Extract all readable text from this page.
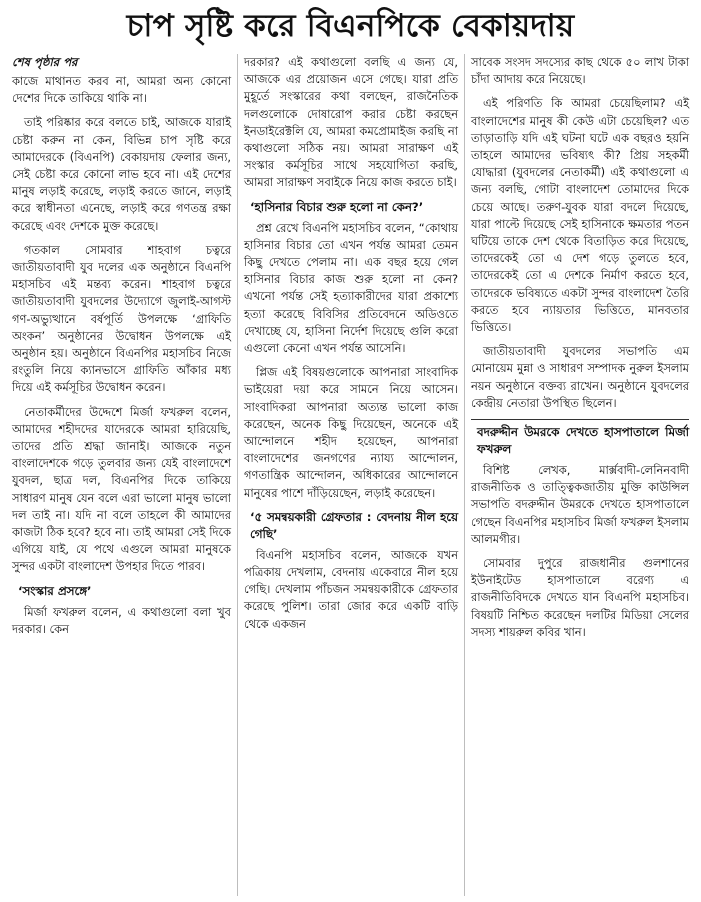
চাপ সৃষ্টি করে বিএনপিকে বেকায়দায়
শেষ পৃষ্ঠার পর

কাজে মাথানত করব না, আমরা অন্য কোনো দেশের দিকে তাকিয়ে থাকি না।

তাই পরিষ্কার করে বলতে চাই, আজকে যারাই চেষ্টা করুন না কেন, বিভিন্ন চাপ সৃষ্টি করে আমাদেরকে (বিএনপি) বেকায়দায় ফেলার জন্য, সেই চেষ্টা করে কোনো লাভ হবে না। এই দেশের মানুষ লড়াই করেছে, লড়াই করতে জানে, লড়াই করে স্বাধীনতা এনেছে, লড়াই করে গণতন্ত্র রক্ষা করেছে এবং দেশকে মুক্ত করেছে।

গতকাল সোমবার শাহবাগ চত্বরে জাতীয়তাবাদী যুব দলের এক অনুষ্ঠানে বিএনপি মহাসচিব এই মন্তব্য করেন। শাহবাগ চত্বরে জাতীয়তাবাদী যুবদলের উদ্যোগে জুলাই-আগস্ট গণ-অভ্যুত্থানে বর্ষপূর্তি উপলক্ষে ‘গ্রাফিতি অংকন’ অনুষ্ঠানের উদ্বোধন উপলক্ষে এই অনুষ্ঠান হয়। অনুষ্ঠানে বিএনপির মহাসচিব নিজে রংতুলি নিয়ে ক্যানভাসে গ্রাফিতি আঁকার মধ্য দিয়ে এই কর্মসূচির উদ্বোধন করেন।

নেতাকর্মীদের উদ্দেশে মির্জা ফখরুল বলেন, আমাদের শহীদদের যাদেরকে আমরা হারিয়েছি, তাদের প্রতি শ্রদ্ধা জানাই। আজকে নতুন বাংলাদেশকে গড়ে তুলবার জন্য যেই বাংলাদেশে যুবদল, ছাত্র দল, বিএনপির দিকে তাকিয়ে সাধারণ মানুষ যেন বলে এরা ভালো মানুষ ভালো দল তাই না। যদি না বলে তাহলে কী আমাদের কাজটা ঠিক হবে? হবে না। তাই আমরা সেই দিকে এগিয়ে যাই, যে পথে এগুলে আমরা মানুষকে সুন্দর একটা বাংলাদেশ উপহার দিতে পারব।

‘সংস্কার প্রসঙ্গে’

মির্জা ফখরুল বলেন, এ কথাগুলো বলা খুব দরকার। কেন

দরকার? এই কথাগুলো বলছি এ জন্য যে, আজকে এর প্রয়োজন এসে গেছে। যারা প্রতি মুহূর্তে সংস্কারের কথা বলছেন, রাজনৈতিক দলগুলোকে দোষারোপ করার চেষ্টা করছেন ইনডাইরেক্টলি যে, আমরা কমপ্রোমাইজ করছি না কথাগুলো সঠিক নয়। আমরা সারাক্ষণ এই সংস্কার কর্মসূচির সাথে সহযোগিতা করছি, আমরা সারাক্ষণ সবাইকে নিয়ে কাজ করতে চাই।

‘হাসিনার বিচার শুরু হলো না কেন?’

প্রশ্ন রেখে বিএনপি মহাসচিব বলেন, “কোথায় হাসিনার বিচার তো এখন পর্যন্ত আমরা তেমন কিছু দেখতে পেলাম না। এক বছর হয়ে গেল হাসিনার বিচার কাজ শুরু হলো না কেন? এখনো পর্যন্ত সেই হত্যাকারীদের যারা প্রকাশ্যে হত্যা করেছে বিবিসির প্রতিবেদনে অডিওতে দেখাচ্ছে যে, হাসিনা নির্দেশ দিয়েছে গুলি করো এগুলো কেনো এখন পর্যন্ত আসেনি।

প্লিজ এই বিষয়গুলোকে আপনারা সাংবাদিক ভাইয়েরা দয়া করে সামনে নিয়ে আসেন। সাংবাদিকরা আপনারা অত্যন্ত ভালো কাজ করেছেন, অনেক কিছু দিয়েছেন, অনেকে এই আন্দোলনে শহীদ হয়েছেন, আপনারা বাংলাদেশের জনগণের ন্যায্য আন্দোলন, গণতান্ত্রিক আন্দোলন, অধিকারের আন্দোলনে মানুষের পাশে দাঁড়িয়েছেন, লড়াই করেছেন।

‘৫ সমন্বয়কারী গ্রেফতার : বেদনায় নীল হয়ে গেছি’

বিএনপি মহাসচিব বলেন, আজকে যখন পত্রিকায় দেখলাম, বেদনায় একেবারে নীল হয়ে গেছি। দেখলাম পাঁচজন সমন্বয়কারীকে গ্রেফতার করেছে পুলিশ। তারা জোর করে একটি বাড়ি থেকে একজন

সাবেক সংসদ সদস্যের কাছ থেকে ৫০ লাখ টাকা চাঁদা আদায় করে নিয়েছে।

এই পরিণতি কি আমরা চেয়েছিলাম? এই বাংলাদেশের মানুষ কী কেউ এটা চেয়েছিল? এত তাড়াতাড়ি যদি এই ঘটনা ঘটে এক বছরও হয়নি তাহলে আমাদের ভবিষ্যৎ কী? প্রিয় সহকর্মী যোদ্ধারা (যুবদলের নেতাকর্মী) এই কথাগুলো এ জন্য বলছি, গোটা বাংলাদেশ তোমাদের দিকে চেয়ে আছে। তরুণ-যুবক যারা বদলে দিয়েছে, যারা পাল্টে দিয়েছে সেই হাসিনাকে ক্ষমতার পতন ঘটিয়ে তাকে দেশ থেকে বিতাড়িত করে দিয়েছে, তাদেরকেই তো এ দেশ গড়ে তুলতে হবে, তাদেরকেই তো এ দেশকে নির্মাণ করতে হবে, তাদেরকে ভবিষ্যতে একটা সুন্দর বাংলাদেশ তৈরি করতে হবে ন্যায়তার ভিত্তিতে, মানবতার ভিত্তিতে।

জাতীয়তাবাদী যুবদলের সভাপতি এম মোনায়েম মুন্না ও সাধারণ সম্পাদক নুরুল ইসলাম নয়ন অনুষ্ঠানে বক্তব্য রাখেন। অনুষ্ঠানে যুবদলের কেন্দ্রীয় নেতারা উপস্থিত ছিলেন।

বদরুদ্দীন উমরকে দেখতে হাসপাতালে মির্জা ফখরুল

বিশিষ্ট লেখক, মার্ক্সবাদী-লেনিনবাদী রাজনীতিক ও তাত্ত্বিকজাতীয় মুক্তি কাউন্সিল সভাপতি বদরুদ্দীন উমরকে দেখতে হাসপাতালে গেছেন বিএনপির মহাসচিব মির্জা ফখরুল ইসলাম আলমগীর।

সোমবার দুপুরে রাজধানীর গুলশানের ইউনাইটেড হাসপাতালে বরেণ্য এ রাজনীতিবিদকে দেখতে যান বিএনপি মহাসচিব। বিষয়টি নিশ্চিত করেছেন দলটির মিডিয়া সেলের সদস্য শায়রুল কবির খান।
